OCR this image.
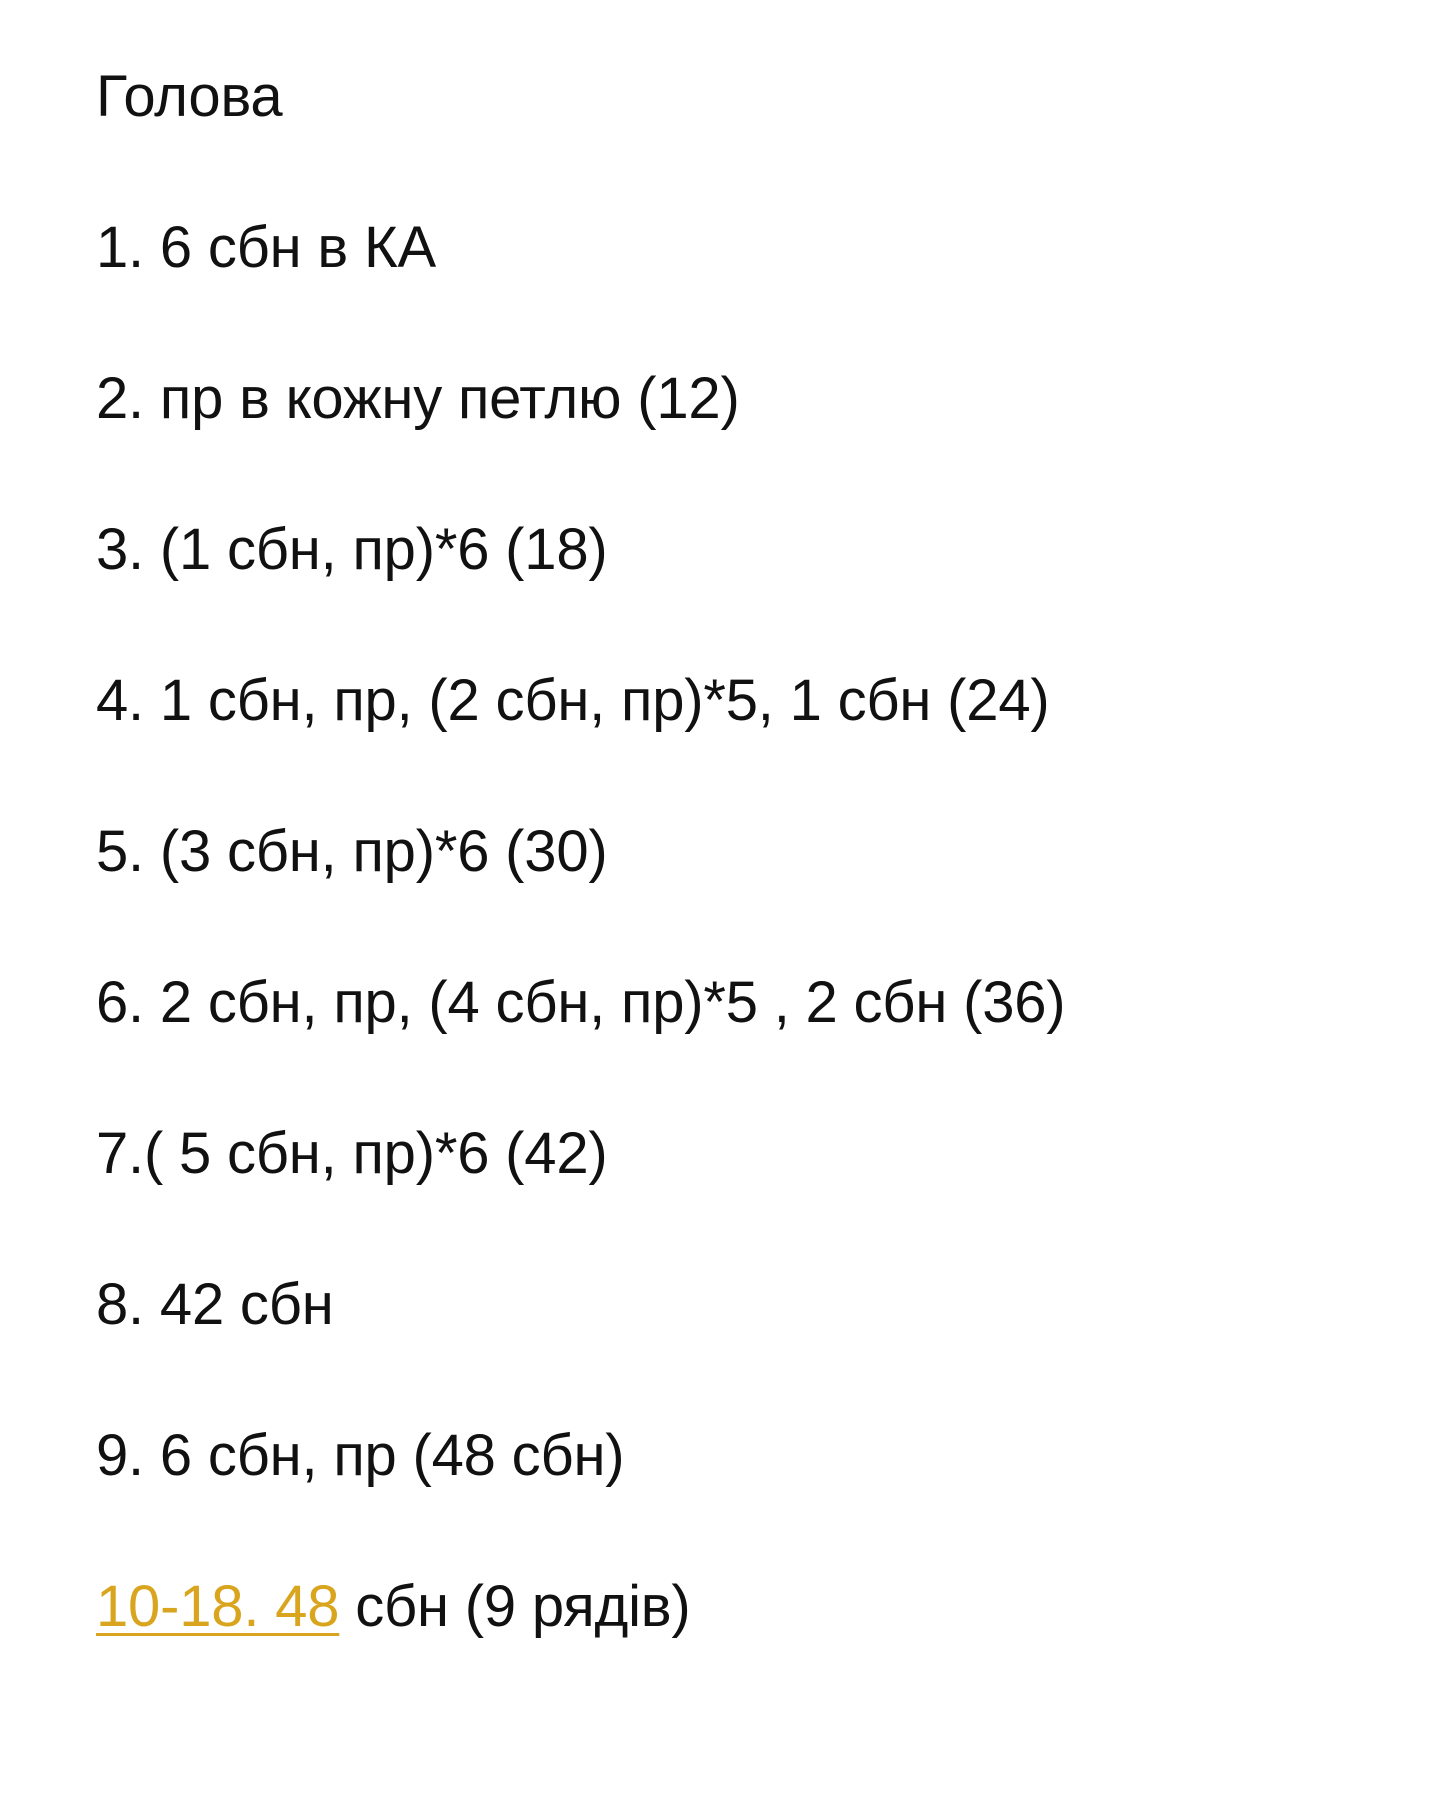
Голова
1. 6 сбн в КА
2. пр в кожну петлю (12)
3. (1 сбн, пр)*6 (18)
4. 1 сбн, пр, (2 сбн, пр)*5, 1 сбн (24)
5. (3 сбн, пр)*6 (30)
6. 2 сбн, пр, (4 сбн, пр)*5 , 2 сбн (36)
7.( 5 сбн, пр)*6 (42)
8. 42 сбн
9. 6 сбн, пр (48 сбн)
10-18. 48 сбн (9 рядів)
